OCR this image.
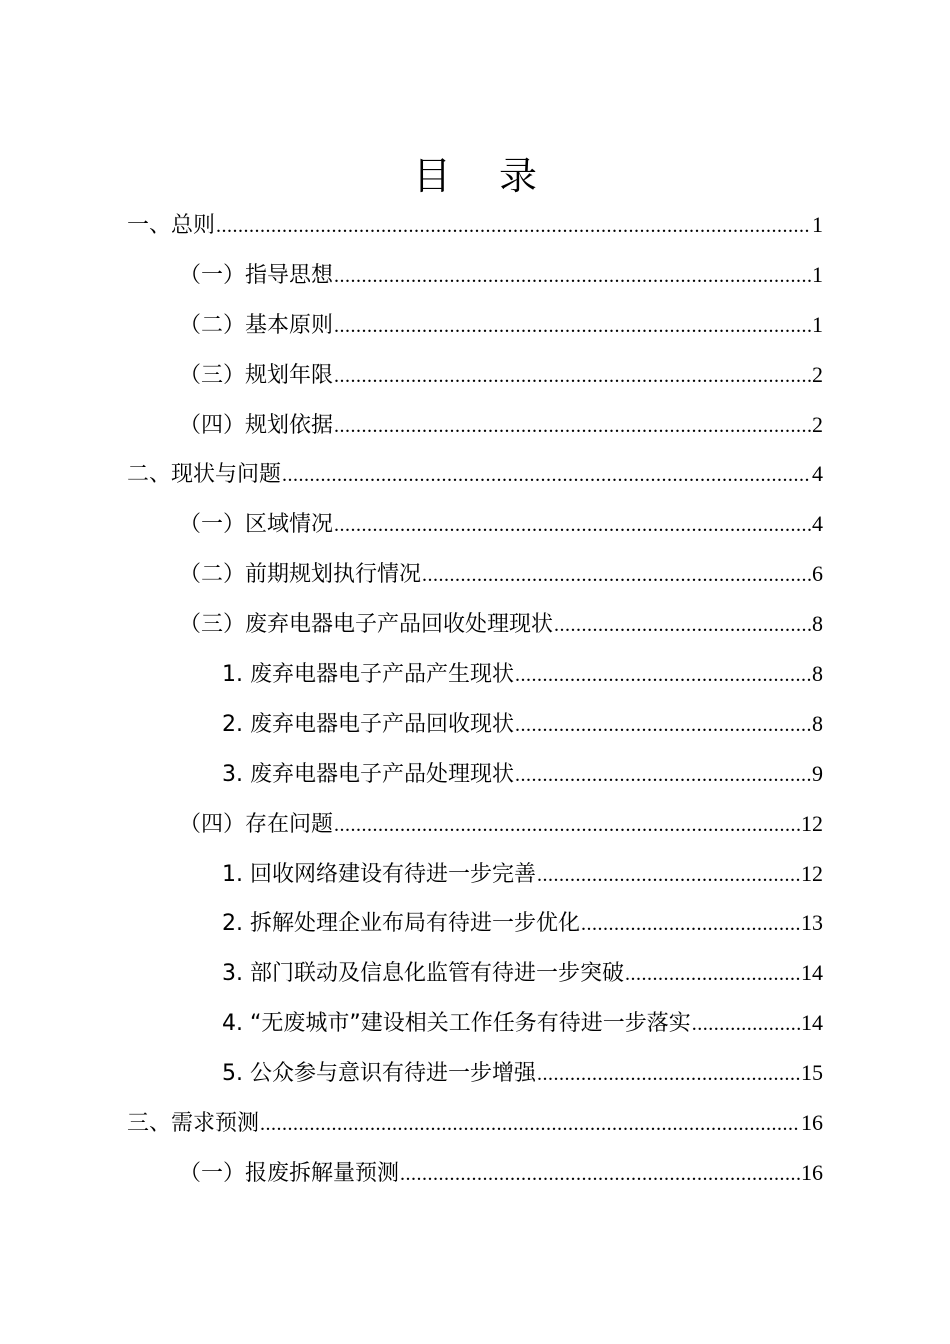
目 录
一、总则 .....	1
（一）指导思想 .....	1
（二）基本原则 .....	1
（三）规划年限 .....	2
（四）规划依据 .....	2
二、现状与问题 .....	4
（一）区域情况 .....	4
（二）前期规划执行情况 .....	6
（三）废弃电器电子产品回收处理现状 .....	8
1. 废弃电器电子产品产生现状 .....	8
2. 废弃电器电子产品回收现状 .....	8
3. 废弃电器电子产品处理现状 .....	9
（四）存在问题 .....	12
1. 回收网络建设有待进一步完善 .....	12
2. 拆解处理企业布局有待进一步优化 .....	13
3. 部门联动及信息化监管有待进一步突破 .....	14
4. “无废城市”建设相关工作任务有待进一步落实 .....	14
5. 公众参与意识有待进一步增强 .....	15
三、需求预测 .....	16
（一）报废拆解量预测 .....	16
